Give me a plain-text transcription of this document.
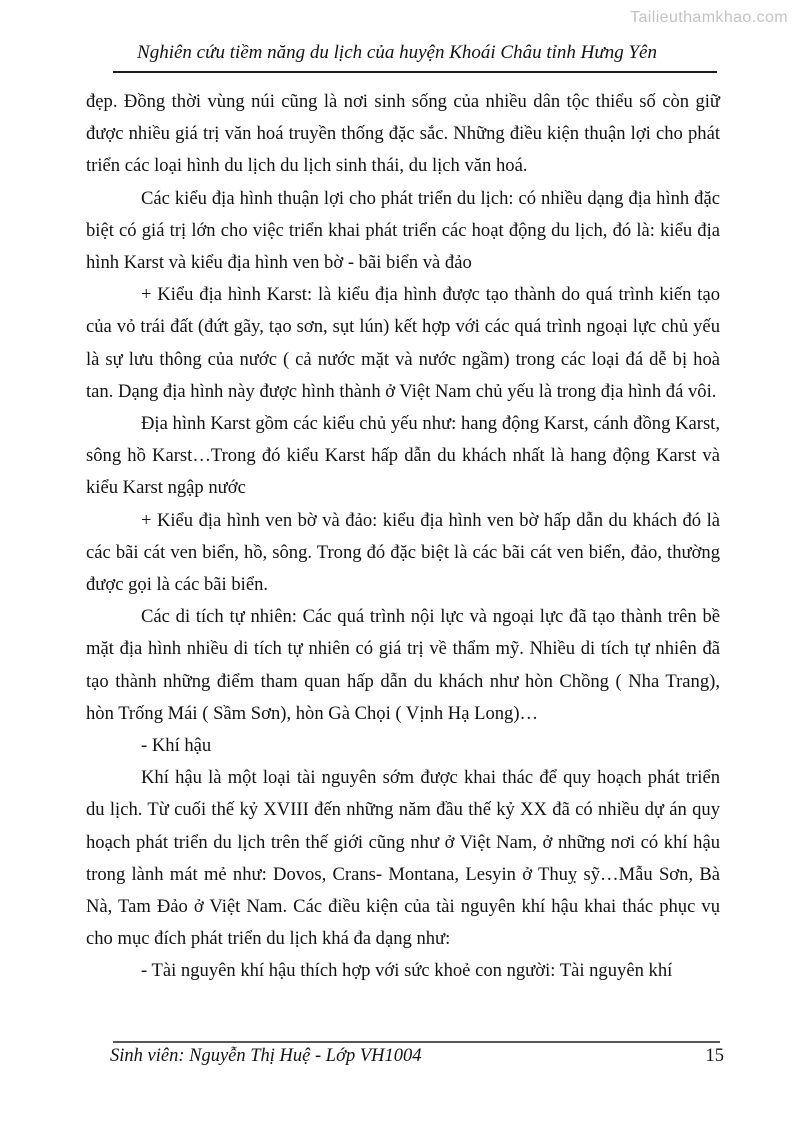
Tailieuthamkhao.com
Nghiên cứu tiềm năng du lịch của huyện Khoái Châu tỉnh Hưng Yên

đẹp. Đồng thời vùng núi cũng là nơi sinh sống của nhiều dân tộc thiểu số còn giữ được nhiều giá trị văn hoá truyền thống đặc sắc. Những điều kiện thuận lợi cho phát triển các loại hình du lịch du lịch sinh thái, du lịch văn hoá.

Các kiểu địa hình thuận lợi cho phát triển du lịch: có nhiều dạng địa hình đặc biệt có giá trị lớn cho việc triển khai phát triển các hoạt động du lịch, đó là: kiểu địa hình Karst và kiểu địa hình ven bờ - bãi biển và đảo

+ Kiểu địa hình Karst: là kiểu địa hình được tạo thành do quá trình kiến tạo của vỏ trái đất (đứt gãy, tạo sơn, sụt lún) kết hợp với các quá trình ngoại lực chủ yếu là sự lưu thông của nước ( cả nước mặt và nước ngầm) trong các loại đá dễ bị hoà tan. Dạng địa hình này được hình thành ở Việt Nam chủ yếu là trong địa hình đá vôi.

Địa hình Karst gồm các kiểu chủ yếu như: hang động Karst, cánh đồng Karst, sông hồ Karst…Trong đó kiểu Karst hấp dẫn du khách nhất là hang động Karst và kiểu Karst ngập nước

+ Kiểu địa hình ven bờ và đảo: kiểu địa hình ven bờ hấp dẫn du khách đó là các bãi cát ven biển, hồ, sông. Trong đó đặc biệt là các bãi cát ven biển, đảo, thường được gọi là các bãi biển.

Các di tích tự nhiên: Các quá trình nội lực và ngoại lực đã tạo thành trên bề mặt địa hình nhiều di tích tự nhiên có giá trị về thẩm mỹ. Nhiều di tích tự nhiên đã tạo thành những điểm tham quan hấp dẫn du khách như hòn Chồng ( Nha Trang), hòn Trống Mái ( Sầm Sơn), hòn Gà Chọi ( Vịnh Hạ Long)…

- Khí hậu

Khí hậu là một loại tài nguyên sớm được khai thác để quy hoạch phát triển du lịch. Từ cuối thế kỷ XVIII đến những năm đầu thế kỷ XX đã có nhiều dự án quy hoạch phát triển du lịch trên thế giới cũng như ở Việt Nam, ở những nơi có khí hậu trong lành mát mẻ như: Dovos, Crans- Montana, Lesyin ở Thuỵ sỹ…Mẫu Sơn, Bà Nà, Tam Đảo ở Việt Nam. Các điều kiện của tài nguyên khí hậu khai thác phục vụ cho mục đích phát triển du lịch khá đa dạng như:

- Tài nguyên khí hậu thích hợp với sức khoẻ con người: Tài nguyên khí

Sinh viên: Nguyễn Thị Huệ - Lớp VH1004	15
